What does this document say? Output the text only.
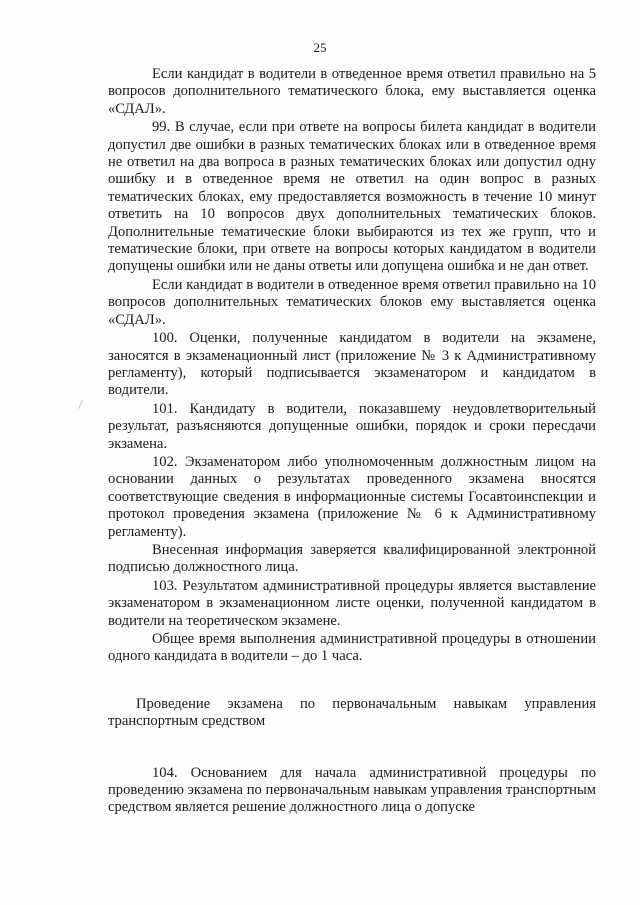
25

Если кандидат в водители в отведенное время ответил правильно на 5 вопросов дополнительного тематического блока, ему выставляется оценка «СДАЛ».

99. В случае, если при ответе на вопросы билета кандидат в водители допустил две ошибки в разных тематических блоках или в отведенное время не ответил на два вопроса в разных тематических блоках или допустил одну ошибку и в отведенное время не ответил на один вопрос в разных тематических блоках, ему предоставляется возможность в течение 10 минут ответить на 10 вопросов двух дополнительных тематических блоков. Дополнительные тематические блоки выбираются из тех же групп, что и тематические блоки, при ответе на вопросы которых кандидатом в водители допущены ошибки или не даны ответы или допущена ошибка и не дан ответ.

Если кандидат в водители в отведенное время ответил правильно на 10 вопросов дополнительных тематических блоков ему выставляется оценка «СДАЛ».

100. Оценки, полученные кандидатом в водители на экзамене, заносятся в экзаменационный лист (приложение № 3 к Административному регламенту), который подписывается экзаменатором и кандидатом в водители.

101. Кандидату в водители, показавшему неудовлетворительный результат, разъясняются допущенные ошибки, порядок и сроки пересдачи экзамена.

102. Экзаменатором либо уполномоченным должностным лицом на основании данных о результатах проведенного экзамена вносятся соответствующие сведения в информационные системы Госавтоинспекции и протокол проведения экзамена (приложение № 6 к Административному регламенту).

Внесенная информация заверяется квалифицированной электронной подписью должностного лица.

103. Результатом административной процедуры является выставление экзаменатором в экзаменационном листе оценки, полученной кандидатом в водители на теоретическом экзамене.

Общее время выполнения административной процедуры в отношении одного кандидата в водители – до 1 часа.

Проведение экзамена по первоначальным навыкам управления транспортным средством

104. Основанием для начала административной процедуры по проведению экзамена по первоначальным навыкам управления транспортным средством является решение должностного лица о допуске
